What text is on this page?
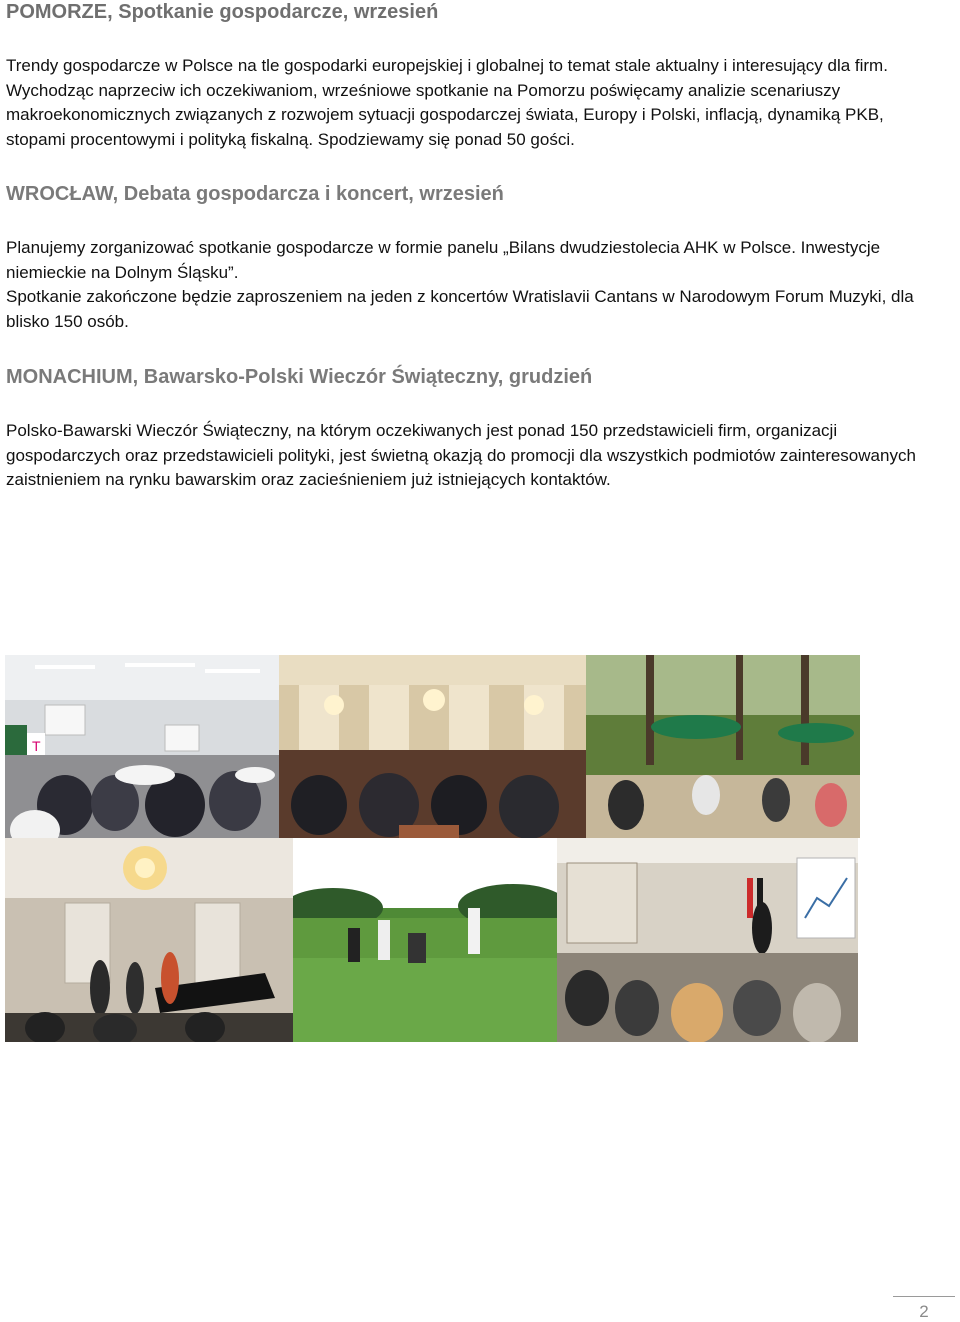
POMORZE, Spotkanie gospodarcze, wrzesień

Trendy gospodarcze w Polsce na tle gospodarki europejskiej i globalnej to temat stale aktualny i interesujący dla firm. Wychodząc naprzeciw ich oczekiwaniom, wrześniowe spotkanie na Pomorzu poświęcamy analizie scenariuszy makroekonomicznych związanych z rozwojem sytuacji gospodarczej świata, Europy i Polski, inflacją, dynamiką PKB, stopami procentowymi i polityką fiskalną. Spodziewamy się ponad 50 gości.

WROCŁAW, Debata gospodarcza i koncert, wrzesień

Planujemy zorganizować spotkanie gospodarcze w formie panelu „Bilans dwudziestolecia AHK w Polsce. Inwestycje niemieckie na Dolnym Śląsku”.

Spotkanie zakończone będzie zaproszeniem na jeden z koncertów Wratislavii Cantans w Narodowym Forum Muzyki, dla blisko 150 osób.

MONACHIUM, Bawarsko-Polski Wieczór Świąteczny, grudzień

Polsko-Bawarski Wieczór Świąteczny, na którym oczekiwanych jest ponad 150 przedstawicieli firm, organizacji gospodarczych oraz przedstawicieli polityki, jest świetną okazją do promocji dla wszystkich podmiotów zainteresowanych zaistnieniem na rynku bawarskim oraz zacieśnieniem już istniejących kontaktów.

T
2
